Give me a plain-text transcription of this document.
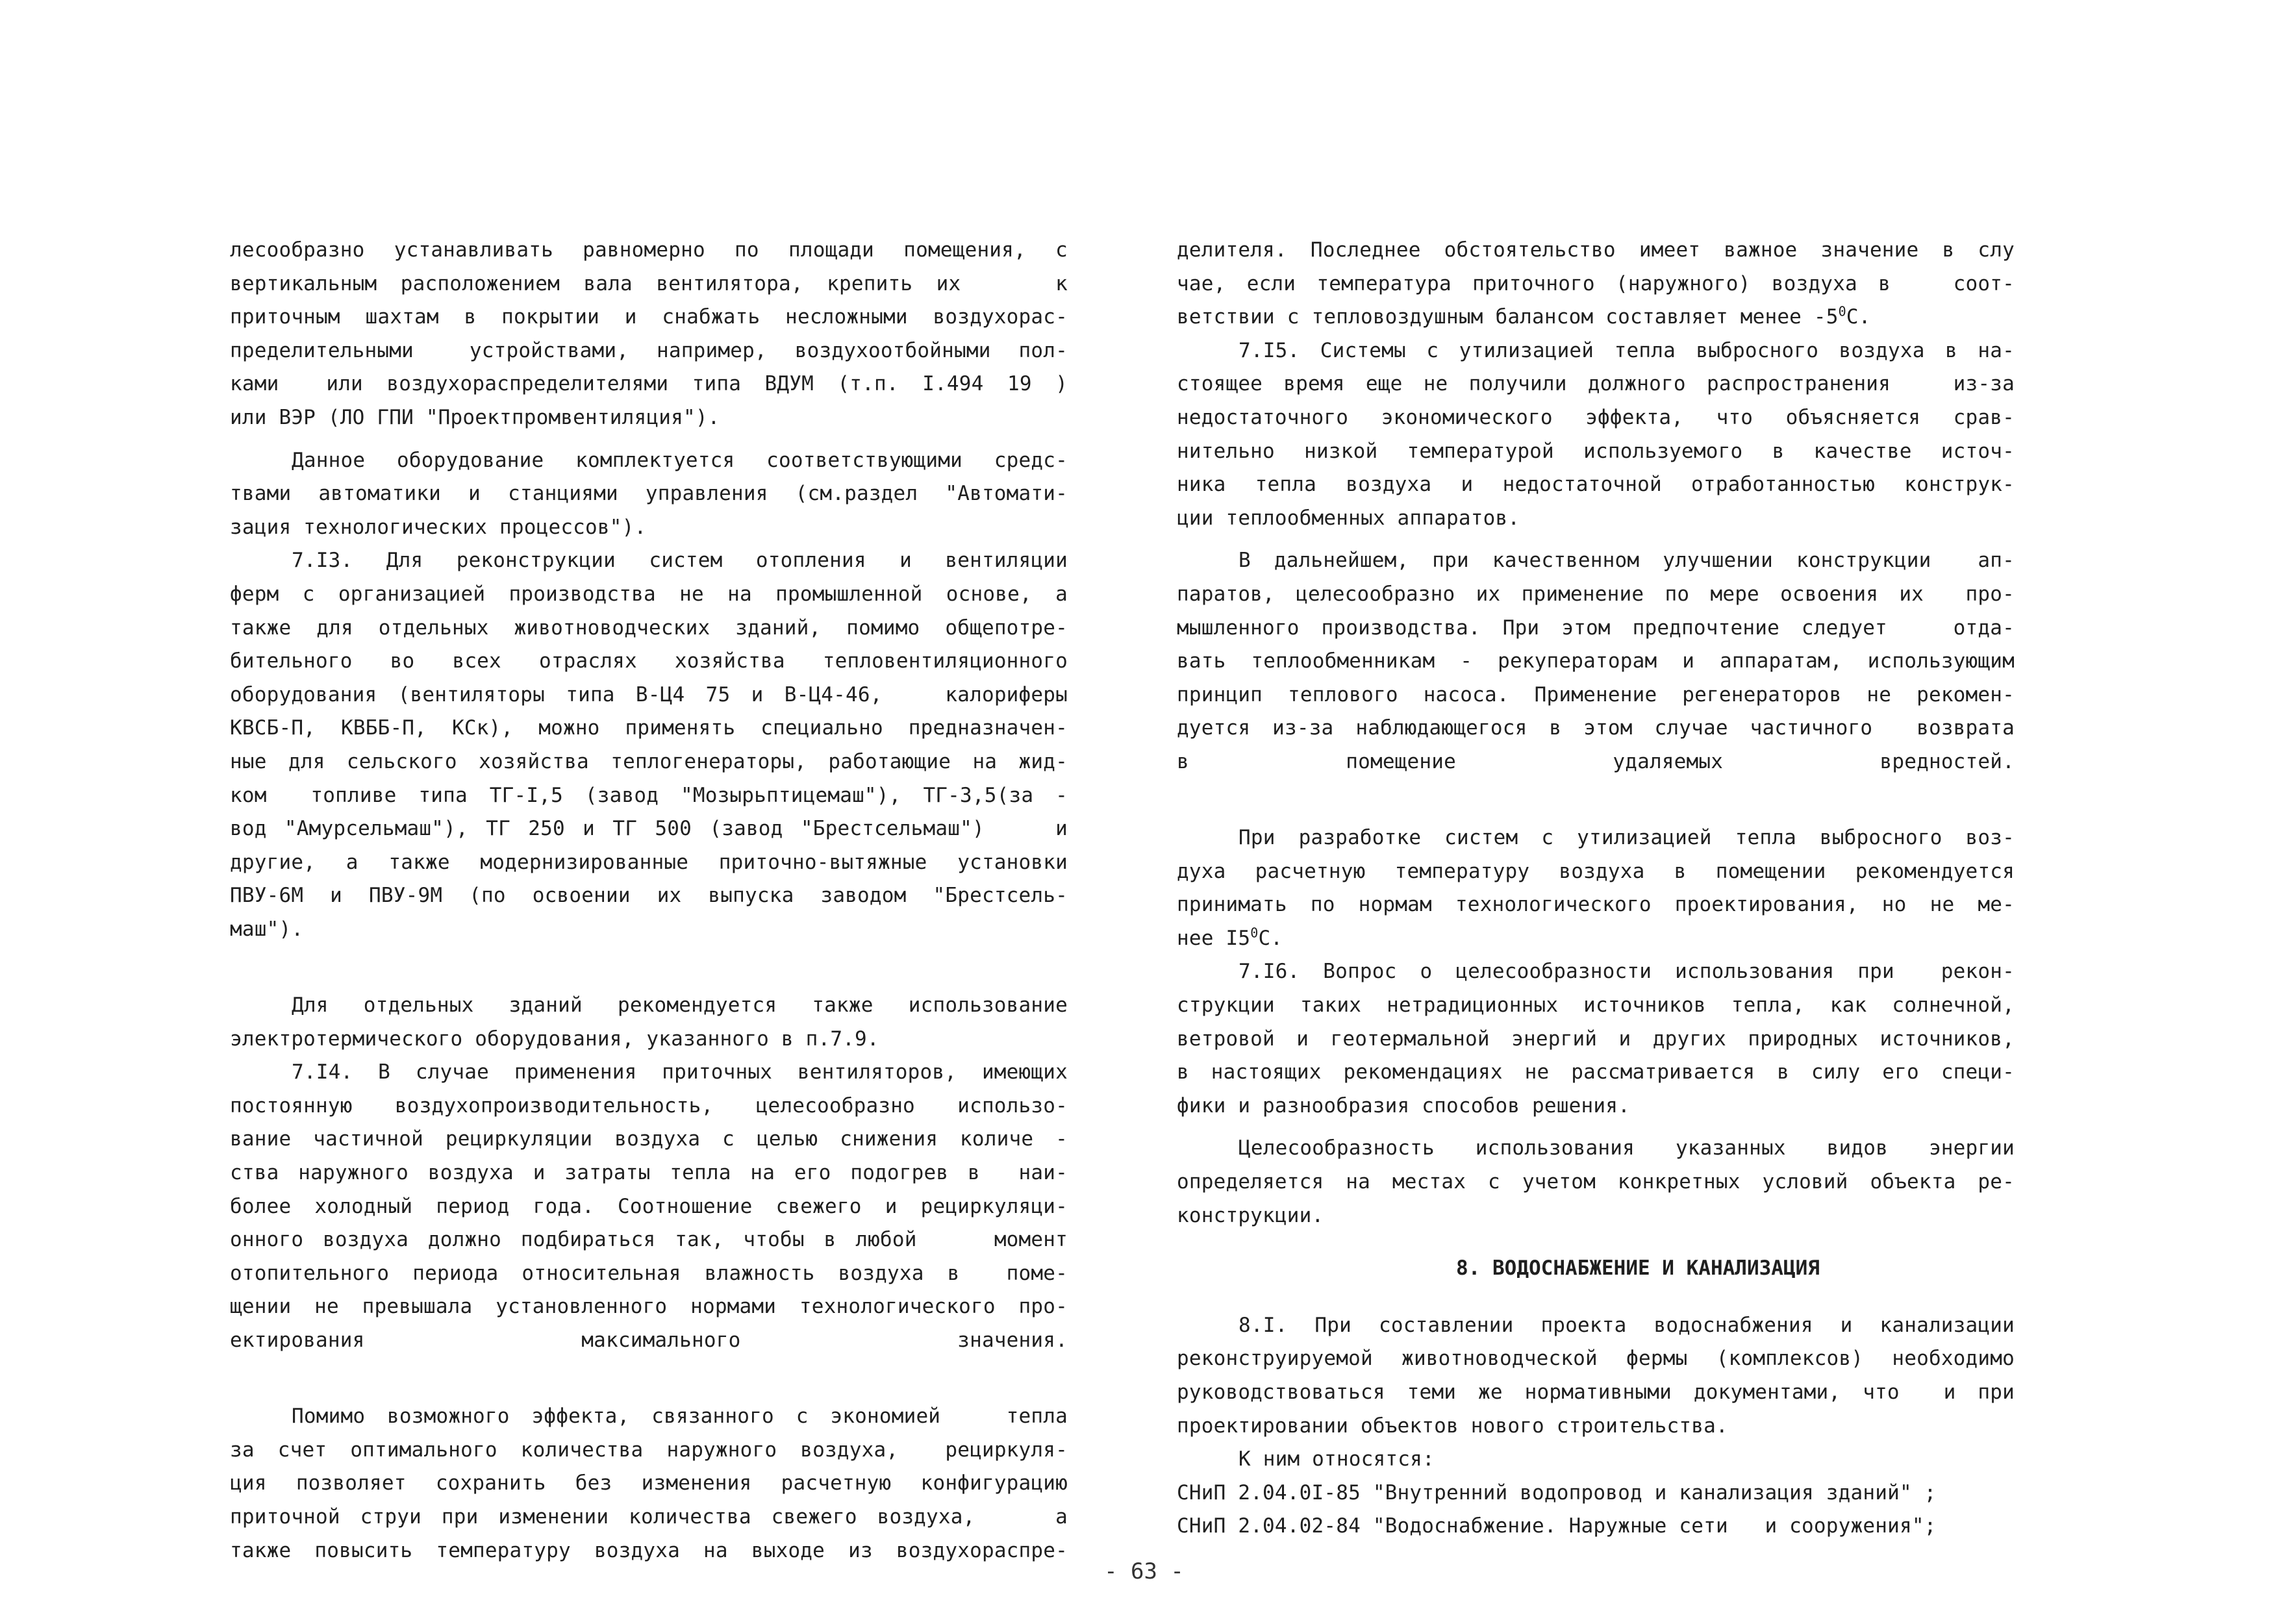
лесообразно устанавливать равномерно по площади помещения, с
вертикальным расположением вала вентилятора, крепить их    к
приточным шахтам в покрытии и снабжать несложными воздухорас-
пределительными  устройствами, например, воздухоотбойными пол-
ками  или воздухораспределителями типа ВДУМ (т.п. I.494 19 )
или ВЭР (ЛО ГПИ "Проектпромвентиляция").
Данное оборудование комплектуется соответствующими средс-
твами автоматики и станциями управления (см.раздел "Автомати-
зация технологических процессов").
7.I3. Для реконструкции систем отопления и вентиляции
ферм с организацией производства не на промышленной основе, а
также для отдельных животноводческих зданий, помимо общепотре-
бительного во всех отраслях хозяйства тепловентиляционного
оборудования (вентиляторы типа В-Ц4 75 и В-Ц4-46,   калориферы
КВСБ-П, КВББ-П, КСк), можно применять специально предназначен-
ные для сельского хозяйства теплогенераторы, работающие на жид-
ком  топливе типа ТГ-I,5 (завод "Мозырьптицемаш"), ТГ-3,5(за -
вод "Амурсельмаш"), ТГ 250 и ТГ 500 (завод "Брестсельмаш")    и
другие, а также модернизированные приточно-вытяжные установки
ПВУ-6М и ПВУ-9М (по освоении их выпуска заводом "Брестсель-
маш").
Для отдельных зданий рекомендуется также использование
электротермического оборудования, указанного в п.7.9.
7.I4. В случае применения приточных вентиляторов, имеющих
постоянную воздухопроизводительность, целесообразно использо-
вание частичной рециркуляции воздуха с целью снижения количе -
ства наружного воздуха и затраты тепла на его подогрев в  наи-
более холодный период года. Соотношение свежего и рециркуляци-
онного воздуха должно подбираться так, чтобы в любой    момент
отопительного периода относительная влажность воздуха в  поме-
щении не превышала установленного нормами технологического про-
ектирования максимального значения.
Помимо возможного эффекта, связанного с экономией   тепла
за счет оптимального количества наружного воздуха,  рециркуля-
ция позволяет сохранить без изменения расчетную конфигурацию
приточной струи при изменении количества свежего воздуха,    а
также повысить температуру воздуха на выходе из воздухораспре-
делителя. Последнее обстоятельство имеет важное значение в слу
чае, если температура приточного (наружного) воздуха в   соот-
ветствии с тепловоздушным балансом составляет менее $-5^0С$.
7.I5. Системы с утилизацией тепла выбросного воздуха в на-
стоящее время еще не получили должного распространения   из-за
недостаточного экономического эффекта, что объясняется срав-
нительно низкой температурой используемого в качестве источ-
ника тепла воздуха и недостаточной отработанностью конструк-
ции теплообменных аппаратов.
В дальнейшем, при качественном улучшении конструкции  ап-
паратов, целесообразно их применение по мере освоения их  про-
мышленного производства. При этом предпочтение следует   отда-
вать теплообменникам - рекуператорам и аппаратам, использующим
принцип теплового насоса. Применение регенераторов не рекомен-
дуется из-за наблюдающегося в этом случае частичного  возврата
в помещение удаляемых вредностей.
При разработке систем с утилизацией тепла выбросного воз-
духа расчетную температуру воздуха в помещении рекомендуется
принимать по нормам технологического проектирования, но не ме-
нее $I5^0С$.
7.I6. Вопрос о целесообразности использования при  рекон-
струкции таких нетрадиционных источников тепла, как солнечной,
ветровой и геотермальной энергий и других природных источников,
в настоящих рекомендациях не рассматривается в силу его специ-
фики и разнообразия способов решения.
Целесообразность использования указанных видов энергии
определяется на местах с учетом конкретных условий объекта ре-
конструкции.
8. ВОДОСНАБЖЕНИЕ И КАНАЛИЗАЦИЯ
8.I. При составлении проекта водоснабжения и канализации
реконструируемой животноводческой фермы (комплексов) необходимо
руководствоваться теми же нормативными документами, что  и при
проектировании объектов нового строительства.
К ним относятся:
СНиП 2.04.0I-85 "Внутренний водопровод и канализация зданий" ;
СНиП 2.04.02-84 "Водоснабжение. Наружные сети   и сооружения";
- 63 -
